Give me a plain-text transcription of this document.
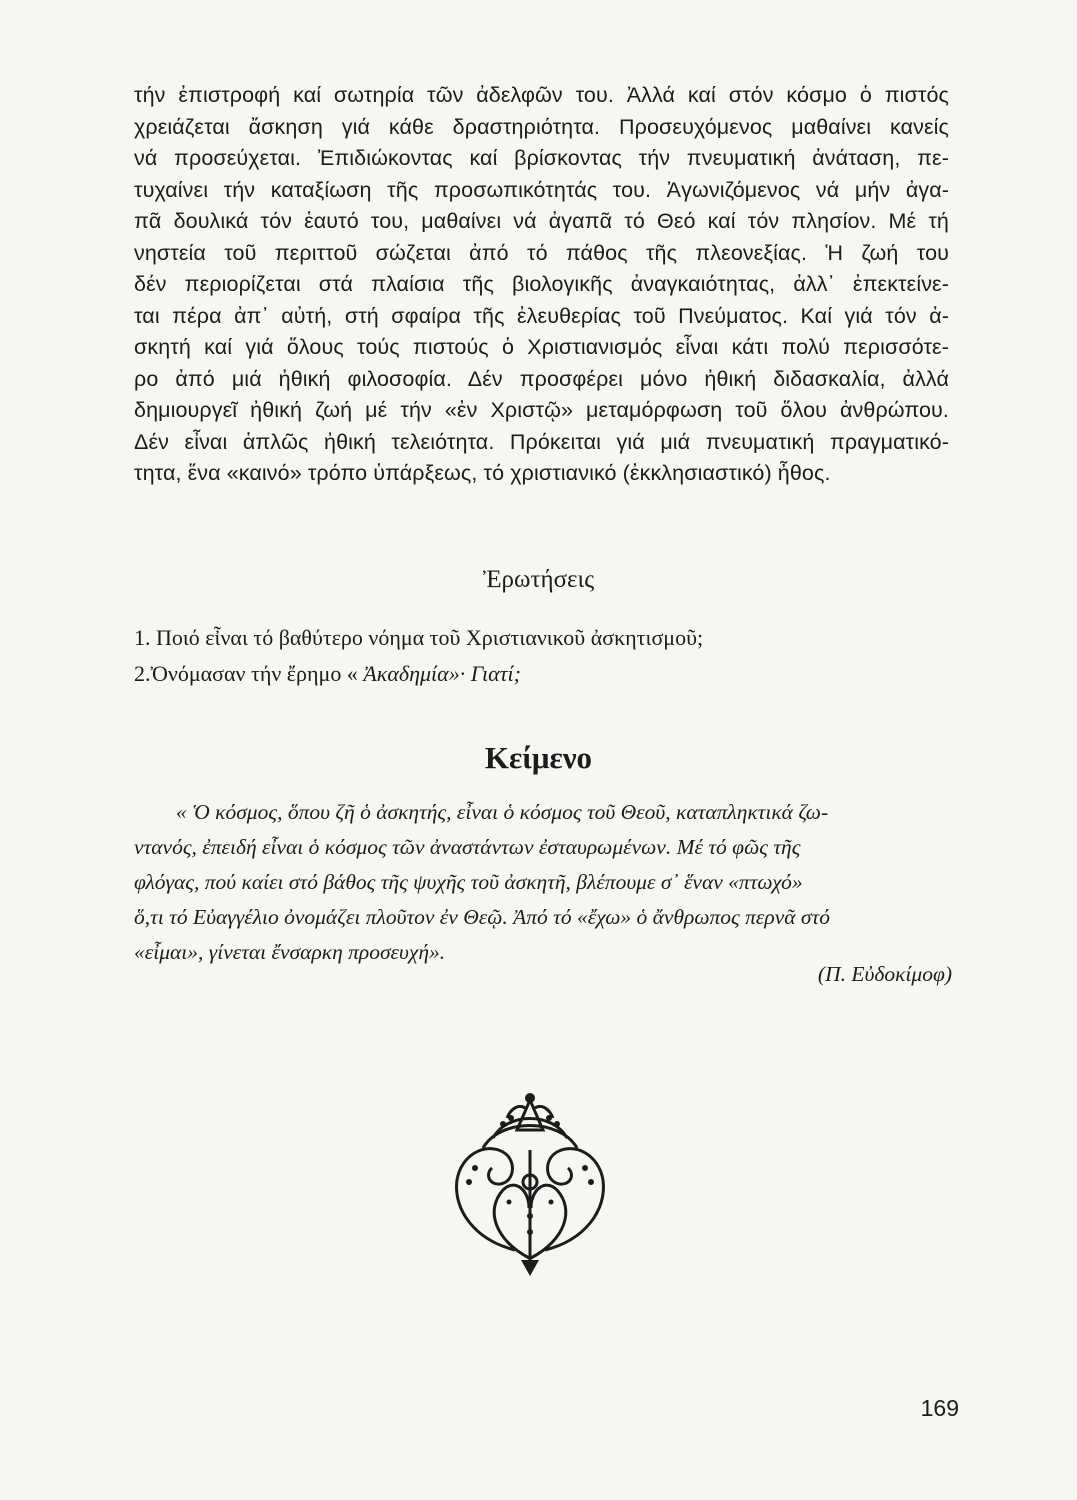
τήν ἐπιστροφή καί σωτηρία τῶν ἀδελφῶν του. Ἀλλά καί στόν κόσμο ὁ πιστός
χρειάζεται ἄσκηση γιά κάθε δραστηριότητα. Προσευχόμενος μαθαίνει κανείς
νά προσεύχεται. Ἐπιδιώκοντας καί βρίσκοντας τήν πνευματική ἀνάταση, πε-
τυχαίνει τήν καταξίωση τῆς προσωπικότητάς του. Ἀγωνιζόμενος νά μήν ἀγα-
πᾶ δουλικά τόν ἑαυτό του, μαθαίνει νά ἀγαπᾶ τό Θεό καί τόν πλησίον. Μέ τή
νηστεία τοῦ περιττοῦ σώζεται ἀπό τό πάθος τῆς πλεονεξίας. Ἡ ζωή του
δέν περιορίζεται στά πλαίσια τῆς βιολογικῆς ἀναγκαιότητας, ἀλλ᾽ ἐπεκτείνε-
ται πέρα ἀπ᾽ αὐτή, στή σφαίρα τῆς ἐλευθερίας τοῦ Πνεύματος. Καί γιά τόν ἀ-
σκητή καί γιά ὅλους τούς πιστούς ὁ Χριστιανισμός εἶναι κάτι πολύ περισσότε-
ρο ἀπό μιά ἠθική φιλοσοφία. Δέν προσφέρει μόνο ἠθική διδασκαλία, ἀλλά
δημιουργεῖ ἠθική ζωή μέ τήν «ἐν Χριστῷ» μεταμόρφωση τοῦ ὅλου ἀνθρώπου.
Δέν εἶναι ἁπλῶς ἠθική τελειότητα. Πρόκειται γιά μιά πνευματική πραγματικό-
τητα, ἕνα «καινό» τρόπο ὑπάρξεως, τό χριστιανικό (ἐκκλησιαστικό) ἦθος.
Ἐρωτήσεις
1. Ποιό εἶναι τό βαθύτερο νόημα τοῦ Χριστιανικοῦ ἀσκητισμοῦ;
2.Ὀνόμασαν τήν ἔρημο « Ἀκαδημία»· Γιατί;
Κείμενο
« Ὁ κόσμος, ὅπου ζῆ ὁ ἀσκητής, εἶναι ὁ κόσμος τοῦ Θεοῦ, καταπληκτικά ζω-
ντανός, ἐπειδή εἶναι ὁ κόσμος τῶν ἀναστάντων ἐσταυρωμένων. Μέ τό φῶς τῆς
φλόγας, πού καίει στό βάθος τῆς ψυχῆς τοῦ ἀσκητῆ, βλέπουμε σ᾽ ἕναν «πτωχό»
ὅ,τι τό Εὐαγγέλιο ὀνομάζει πλοῦτον ἐν Θεῷ. Ἀπό τό «ἔχω» ὁ ἄνθρωπος περνᾶ στό
«εἶμαι», γίνεται ἔνσαρκη προσευχή».
(Π. Εὐδοκίμοφ)
169
